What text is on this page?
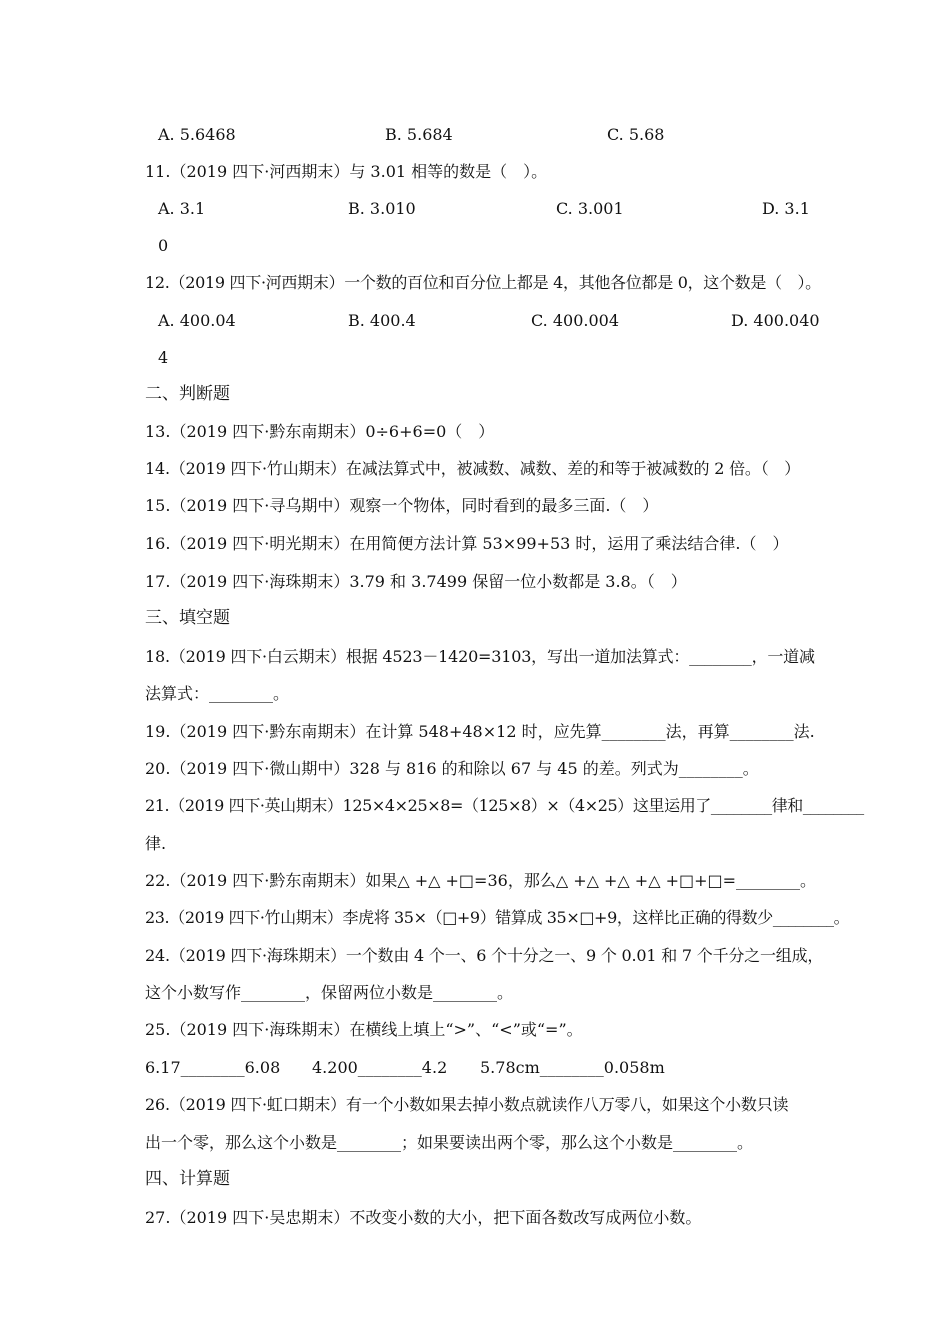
A. 5.6468	B. 5.684	C. 5.68
11.（2019 四下·河西期末）与 3.01 相等的数是（　）。
A. 3.1	B. 3.010	C. 3.001	D. 3.1
0
12.（2019 四下·河西期末）一个数的百位和百分位上都是 4，其他各位都是 0，这个数是（　）。
A. 400.04	B. 400.4	C. 400.004	D. 400.040
4
二、判断题
13.（2019 四下·黔东南期末）0÷6+6=0（　）
14.（2019 四下·竹山期末）在减法算式中，被减数、减数、差的和等于被减数的 2 倍。（　）
15.（2019 四下·寻乌期中）观察一个物体，同时看到的最多三面.（　）
16.（2019 四下·明光期末）在用简便方法计算 53×99+53 时，运用了乘法结合律.（　）
17.（2019 四下·海珠期末）3.79 和 3.7499 保留一位小数都是 3.8。（　）
三、填空题
18.（2019 四下·白云期末）根据 4523－1420=3103，写出一道加法算式：________，一道减
法算式：________。
19.（2019 四下·黔东南期末）在计算 548+48×12 时，应先算________法，再算________法.
20.（2019 四下·微山期中）328 与 816 的和除以 67 与 45 的差。列式为________。
21.（2019 四下·英山期末）125×4×25×8=（125×8）×（4×25）这里运用了________律和________
律.
22.（2019 四下·黔东南期末）如果△ +△ +□=36，那么△ +△ +△ +△ +□+□=________。
23.（2019 四下·竹山期末）李虎将 35×（□+9）错算成 35×□+9，这样比正确的得数少________。
24.（2019 四下·海珠期末）一个数由 4 个一、6 个十分之一、9 个 0.01 和 7 个千分之一组成，
这个小数写作________，保留两位小数是________。
25.（2019 四下·海珠期末）在横线上填上“>”、“<”或“=”。
6.17________6.08 4.200________4.2 5.78cm________0.058m
26.（2019 四下·虹口期末）有一个小数如果去掉小数点就读作八万零八，如果这个小数只读
出一个零，那么这个小数是________；如果要读出两个零，那么这个小数是________。
四、计算题
27.（2019 四下·吴忠期末）不改变小数的大小，把下面各数改写成两位小数。
